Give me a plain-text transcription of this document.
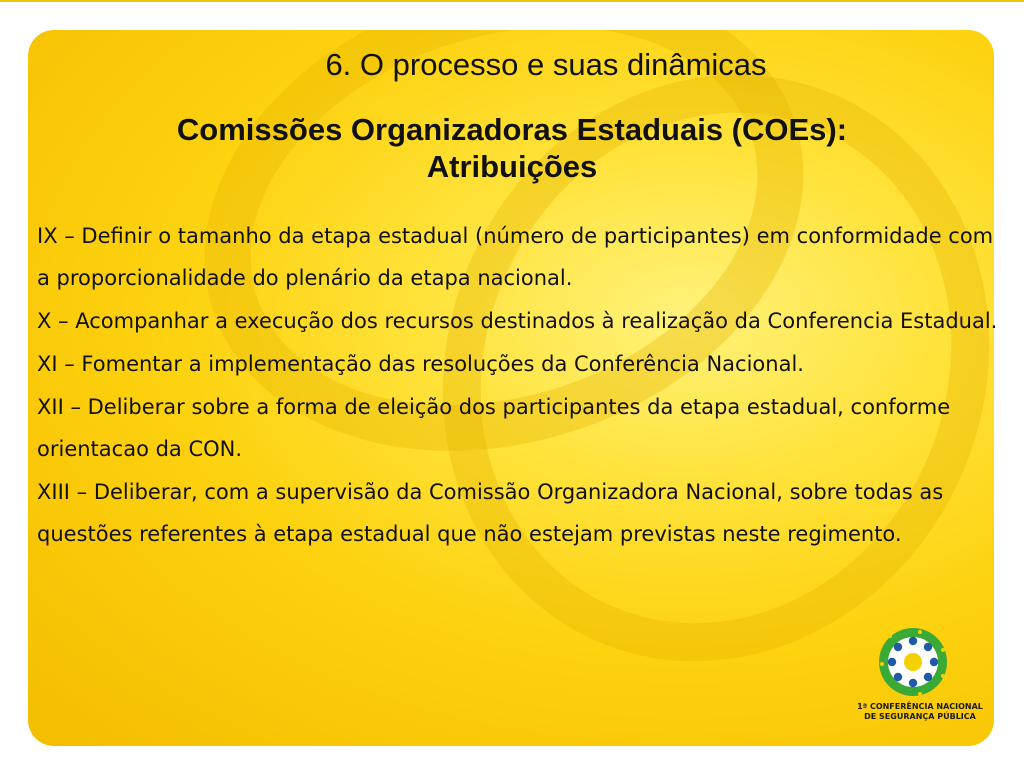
6. O processo e suas dinâmicas
Comissões Organizadoras Estaduais (COEs):
Atribuições

IX – Definir o tamanho da etapa estadual (número de participantes) em conformidade com a proporcionalidade do plenário da etapa nacional.

X – Acompanhar a execução dos recursos destinados à realização da Conferencia Estadual.

XI – Fomentar a implementação das resoluções da Conferência Nacional.

XII – Deliberar sobre a forma de eleição dos participantes da etapa estadual, conforme orientacao da CON.

XIII – Deliberar, com a supervisão da Comissão Organizadora Nacional, sobre todas as questões referentes à etapa estadual que não estejam previstas neste regimento.

1ª CONFERÊNCIA NACIONAL
DE SEGURANÇA PÚBLICA
